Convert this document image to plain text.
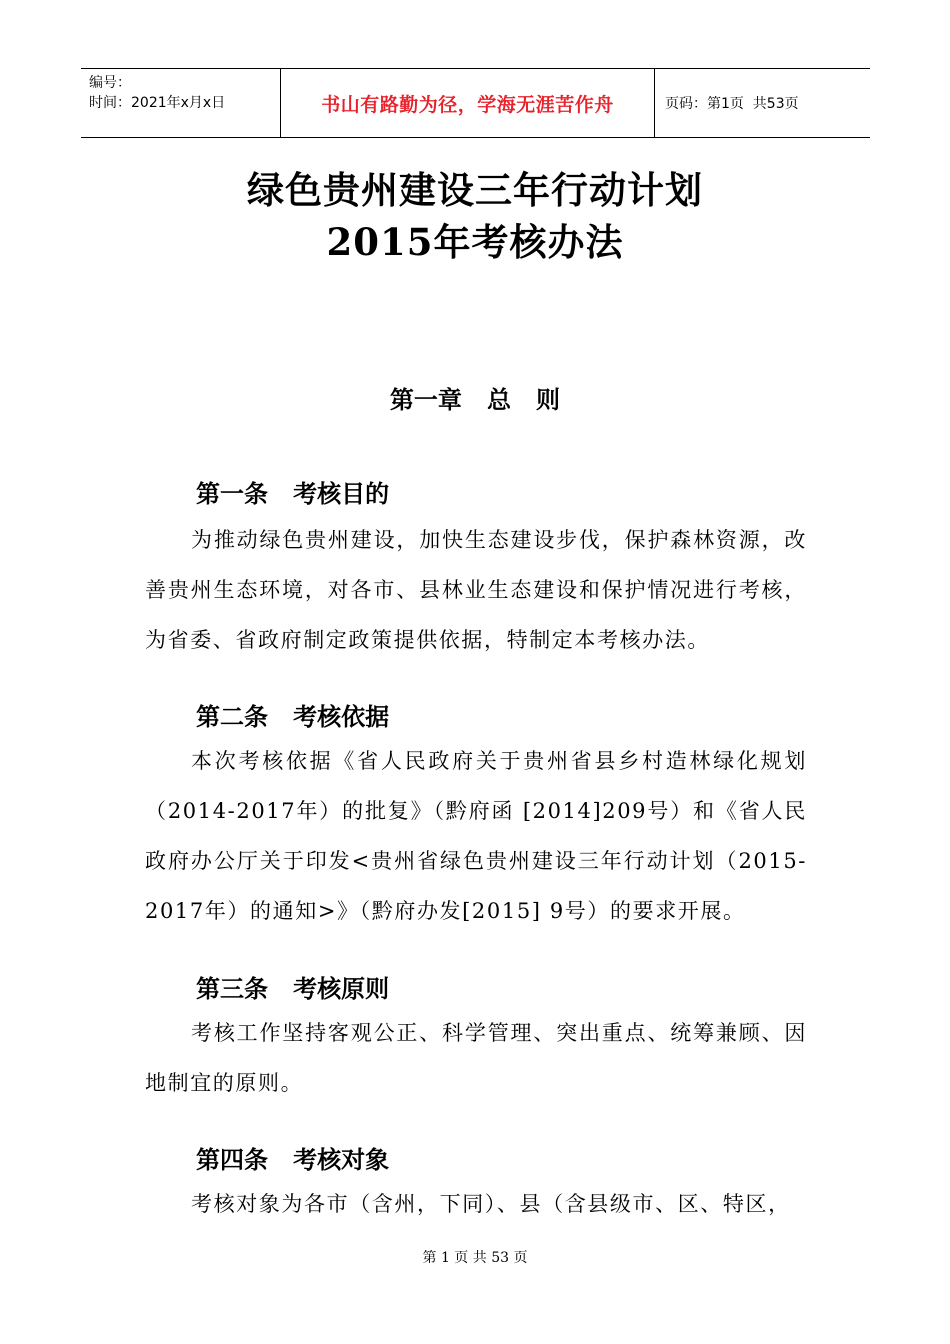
编号：
时间：2021年x月x日	书山有路勤为径，学海无涯苦作舟	页码：第1页  共53页
绿色贵州建设三年行动计划
2015年考核办法
第一章   总   则
第一条   考核目的

为推动绿色贵州建设，加快生态建设步伐，保护森林资源，改善贵州生态环境，对各市、县林业生态建设和保护情况进行考核，为省委、省政府制定政策提供依据，特制定本考核办法。

第二条   考核依据

本次考核依据《省人民政府关于贵州省县乡村造林绿化规划（2014-2017年）的批复》（黔府函 [2014]209号）和《省人民政府办公厅关于印发<贵州省绿色贵州建设三年行动计划（2015-2017年）的通知>》（黔府办发[2015] 9号）的要求开展。

第三条   考核原则

考核工作坚持客观公正、科学管理、突出重点、统筹兼顾、因地制宜的原则。

第四条   考核对象

考核对象为各市（含州，下同）、县（含县级市、区、特区，

第 1 页 共 53 页
